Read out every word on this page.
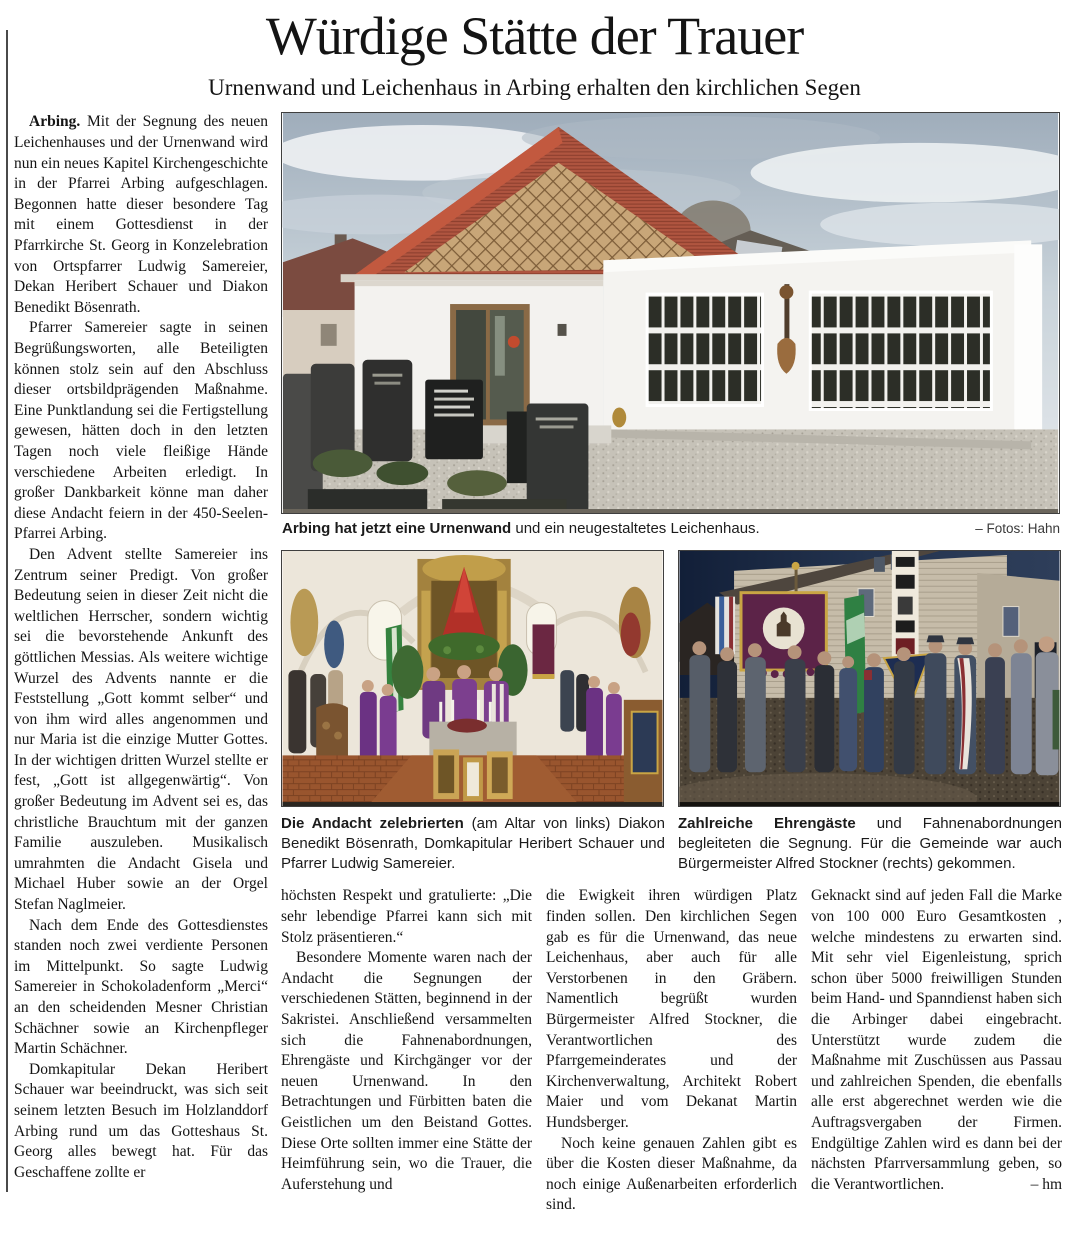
Würdige Stätte der Trauer
Urnenwand und Leichenhaus in Arbing erhalten den kirchlichen Segen

Arbing. Mit der Segnung des neuen Leichenhauses und der Urnenwand wird nun ein neues Kapitel Kirchengeschichte in der Pfarrei Arbing aufgeschlagen. Begonnen hatte dieser besondere Tag mit einem Gottesdienst in der Pfarrkirche St. Georg in Konzelebration von Ortspfarrer Ludwig Samereier, Dekan Heribert Schauer und Diakon Benedikt Bösenrath.

Pfarrer Samereier sagte in seinen Begrüßungsworten, alle Beteiligten können stolz sein auf den Abschluss dieser ortsbildprägenden Maßnahme. Eine Punktlandung sei die Fertigstellung gewesen, hätten doch in den letzten Tagen noch viele fleißige Hände verschiedene Arbeiten erledigt. In großer Dankbarkeit könne man daher diese Andacht feiern in der 450-Seelen-Pfarrei Arbing.

Den Advent stellte Samereier ins Zentrum seiner Predigt. Von großer Bedeutung seien in dieser Zeit nicht die weltlichen Herrscher, sondern wichtig sei die bevorstehende Ankunft des göttlichen Messias. Als weitere wichtige Wurzel des Advents nannte er die Feststellung „Gott kommt selber“ und von ihm wird alles angenommen und nur Maria ist die einzige Mutter Gottes. In der wichtigen dritten Wurzel stellte er fest, „Gott ist allgegenwärtig“. Von großer Bedeutung im Advent sei es, das christliche Brauchtum mit der ganzen Familie auszuleben. Musikalisch umrahmten die Andacht Gisela und Michael Huber sowie an der Orgel Stefan Naglmeier.

Nach dem Ende des Gottesdienstes standen noch zwei verdiente Personen im Mittelpunkt. So sagte Ludwig Samereier in Schokoladenform „Merci“ an den scheidenden Mesner Christian Schächner sowie an Kirchenpfleger Martin Schächner.

Domkapitular Dekan Heribert Schauer war beeindruckt, was sich seit seinem letzten Besuch im Holzlanddorf Arbing rund um das Gotteshaus St. Georg alles bewegt hat. Für das Geschaffene zollte er

Arbing hat jetzt eine Urnenwand und ein neugestaltetes Leichenhaus.	– Fotos: Hahn
Die Andacht zelebrierten (am Altar von links) Diakon Benedikt Bösenrath, Domkapitular Heribert Schauer und Pfarrer Ludwig Samereier.
Zahlreiche Ehrengäste und Fahnenabordnungen begleiteten die Segnung. Für die Gemeinde war auch Bürgermeister Alfred Stockner (rechts) gekommen.

höchsten Respekt und gratulierte: „Die sehr lebendige Pfarrei kann sich mit Stolz präsentieren.“

Besondere Momente waren nach der Andacht die Segnungen der verschiedenen Stätten, beginnend in der Sakristei. Anschließend versammelten sich die Fahnenabordnungen, Ehrengäste und Kirchgänger vor der neuen Urnenwand. In den Betrachtungen und Fürbitten baten die Geistlichen um den Beistand Gottes. Diese Orte sollten immer eine Stätte der Heimführung sein, wo die Trauer, die Auferstehung und

die Ewigkeit ihren würdigen Platz finden sollen. Den kirchlichen Segen gab es für die Urnenwand, das neue Leichenhaus, aber auch für alle Verstorbenen in den Gräbern. Namentlich begrüßt wurden Bürgermeister Alfred Stockner, die Verantwortlichen des Pfarrgemeinderates und der Kirchenverwaltung, Architekt Robert Maier und vom Dekanat Martin Hundsberger.

Noch keine genauen Zahlen gibt es über die Kosten dieser Maßnahme, da noch einige Außenarbeiten erforderlich sind.

Geknackt sind auf jeden Fall die Marke von 100 000 Euro Gesamtkosten , welche mindestens zu erwarten sind. Mit sehr viel Eigenleistung, sprich schon über 5000 freiwilligen Stunden beim Hand- und Spanndienst haben sich die Arbinger dabei eingebracht. Unterstützt wurde zudem die Maßnahme mit Zuschüssen aus Passau und zahlreichen Spenden, die ebenfalls alle erst abgerechnet werden wie die Auftragsvergaben der Firmen. Endgültige Zahlen wird es dann bei der nächsten Pfarrversammlung geben, so die Verantwortlichen.	– hm
